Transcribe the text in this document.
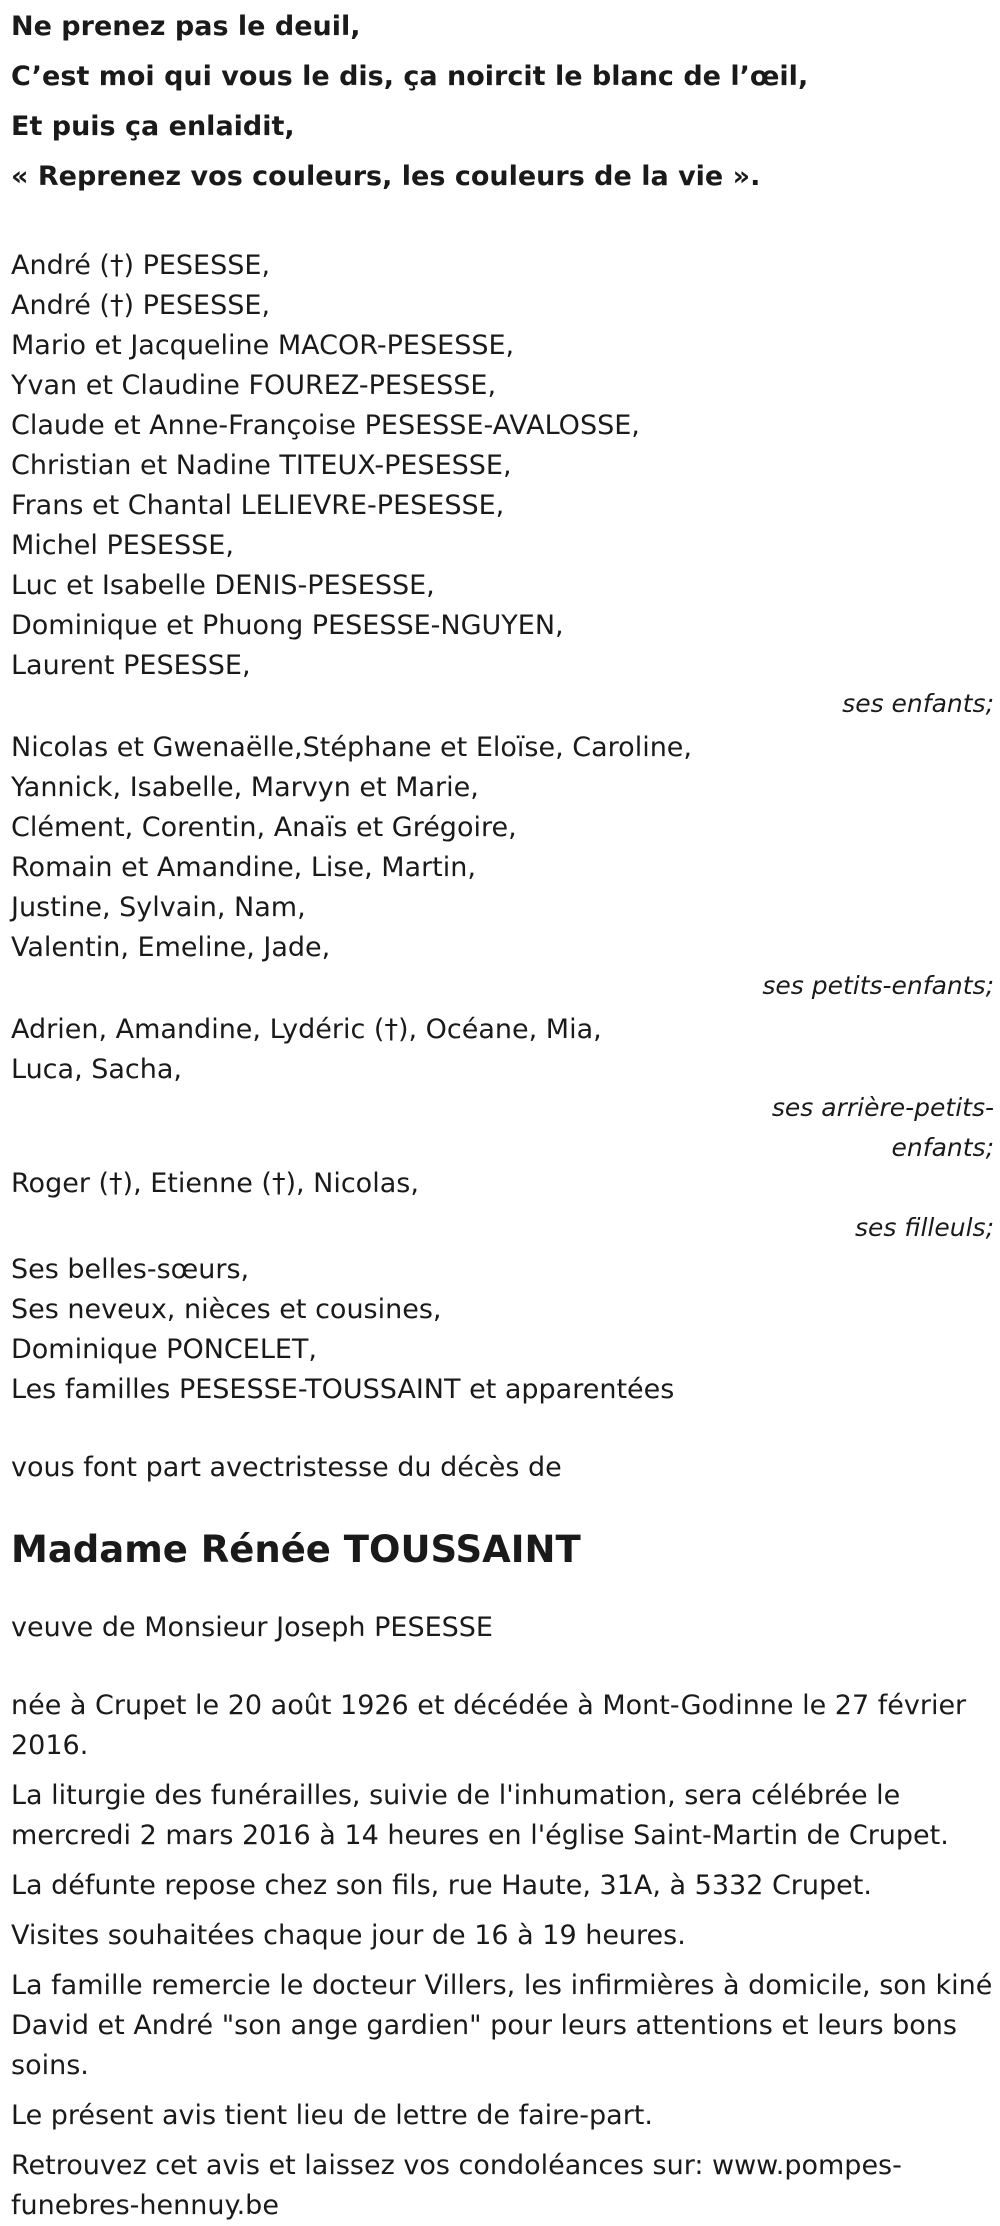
Ne prenez pas le deuil,
C’est moi qui vous le dis, ça noircit le blanc de l’œil,
Et puis ça enlaidit,
« Reprenez vos couleurs, les couleurs de la vie ».
André (†) PESESSE,
André (†) PESESSE,
Mario et Jacqueline MACOR-PESESSE,
Yvan et Claudine FOUREZ-PESESSE,
Claude et Anne-Françoise PESESSE-AVALOSSE,
Christian et Nadine TITEUX-PESESSE,
Frans et Chantal LELIEVRE-PESESSE,
Michel PESESSE,
Luc et Isabelle DENIS-PESESSE,
Dominique et Phuong PESESSE-NGUYEN,
Laurent PESESSE,
ses enfants;
Nicolas et Gwenaëlle,Stéphane et Eloïse, Caroline,
Yannick, Isabelle, Marvyn et Marie,
Clément, Corentin, Anaïs et Grégoire,
Romain et Amandine, Lise, Martin,
Justine, Sylvain, Nam,
Valentin, Emeline, Jade,
ses petits-enfants;
Adrien, Amandine, Lydéric (†), Océane, Mia,
Luca, Sacha,
ses arrière-petits-
enfants;
Roger (†), Etienne (†), Nicolas,
ses filleuls;
Ses belles-sœurs,
Ses neveux, nièces et cousines,
Dominique PONCELET,
Les familles PESESSE-TOUSSAINT et apparentées
vous font part avectristesse du décès de
Madame Rénée TOUSSAINT
veuve de Monsieur Joseph PESESSE
née à Crupet le 20 août 1926 et décédée à Mont-Godinne le 27 février 2016.
La liturgie des funérailles, suivie de l'inhumation, sera célébrée le mercredi 2 mars 2016 à 14 heures en l'église Saint-Martin de Crupet.
La défunte repose chez son fils, rue Haute, 31A, à 5332 Crupet.
Visites souhaitées chaque jour de 16 à 19 heures.
La famille remercie le docteur Villers, les infirmières à domicile, son kiné David et André "son ange gardien" pour leurs attentions et leurs bons soins.
Le présent avis tient lieu de lettre de faire-part.
Retrouvez cet avis et laissez vos condoléances sur: www.pompes-funebres-hennuy.be
